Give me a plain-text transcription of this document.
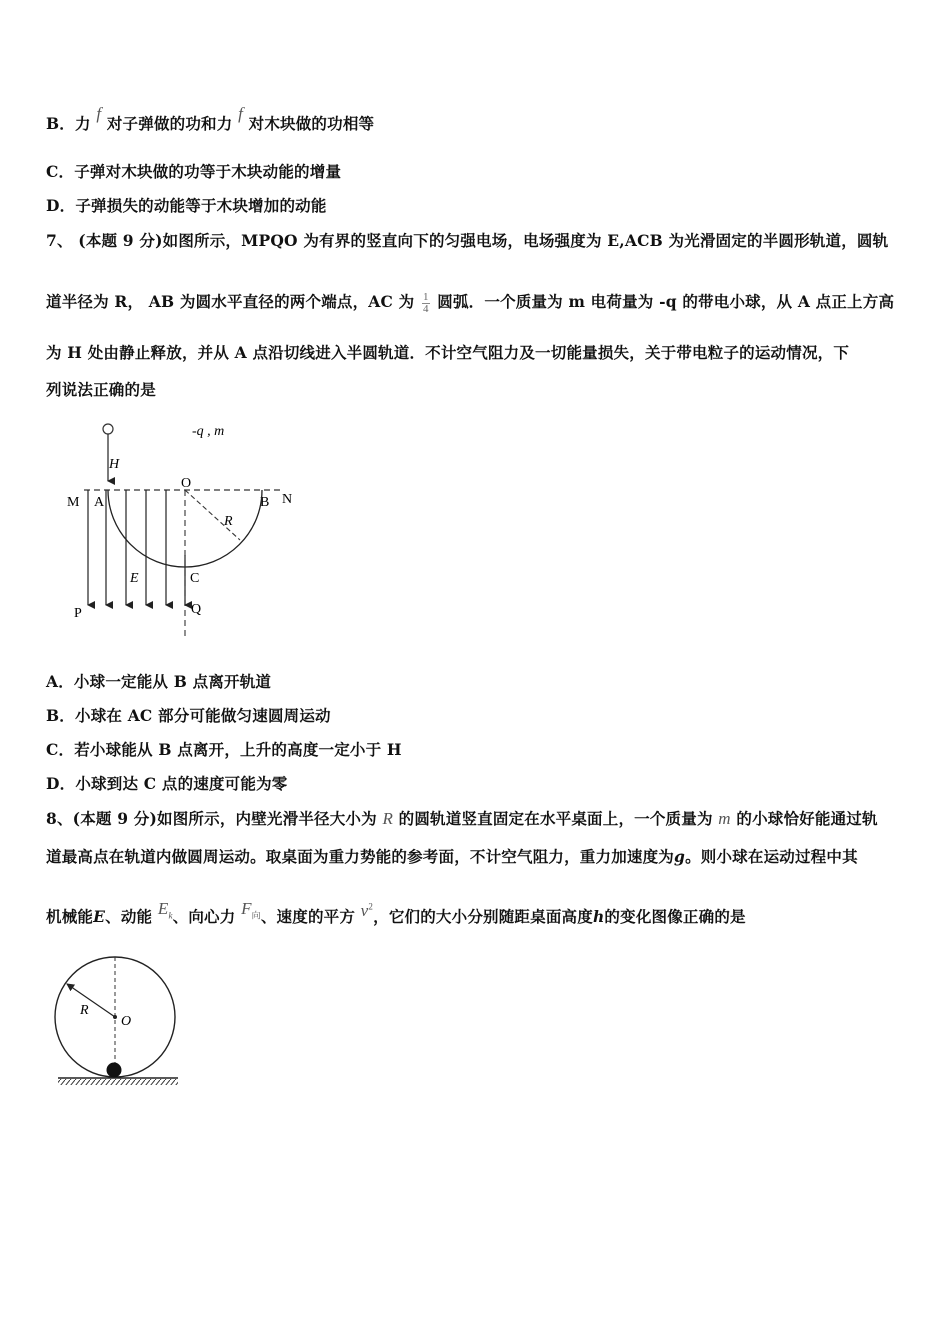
B．力 f 对子弹做的功和力 f 对木块做的功相等
C．子弹对木块做的功等于木块动能的增量
D．子弹损失的动能等于木块增加的动能
7、 (本题 9 分)如图所示，MPQO 为有界的竖直向下的匀强电场，电场强度为 E,ACB 为光滑固定的半圆形轨道，圆轨
道半径为 R， AB 为圆水平直径的两个端点，AC 为 $\frac{1}{4}$ 圆弧．一个质量为 m 电荷量为 -q 的带电小球，从 A 点正上方高
为 H 处由静止释放，并从 A 点沿切线进入半圆轨道．不计空气阻力及一切能量损失，关于带电粒子的运动情况，下
列说法正确的是
H
-q , m
M A
O
B N
R
E	C
P	Q
A．小球一定能从 B 点离开轨道
B．小球在 AC 部分可能做匀速圆周运动
C．若小球能从 B 点离开，上升的高度一定小于 H
D．小球到达 C 点的速度可能为零
8、(本题 9 分)如图所示，内壁光滑半径大小为 R 的圆轨道竖直固定在水平桌面上，一个质量为 m 的小球恰好能通过轨
道最高点在轨道内做圆周运动。取桌面为重力势能的参考面，不计空气阻力，重力加速度为g。则小球在运动过程中其
机械能E、动能 $E_k$、向心力 $F_向$、速度的平方 $v^2$，它们的大小分别随距桌面高度h的变化图像正确的是
R
O
